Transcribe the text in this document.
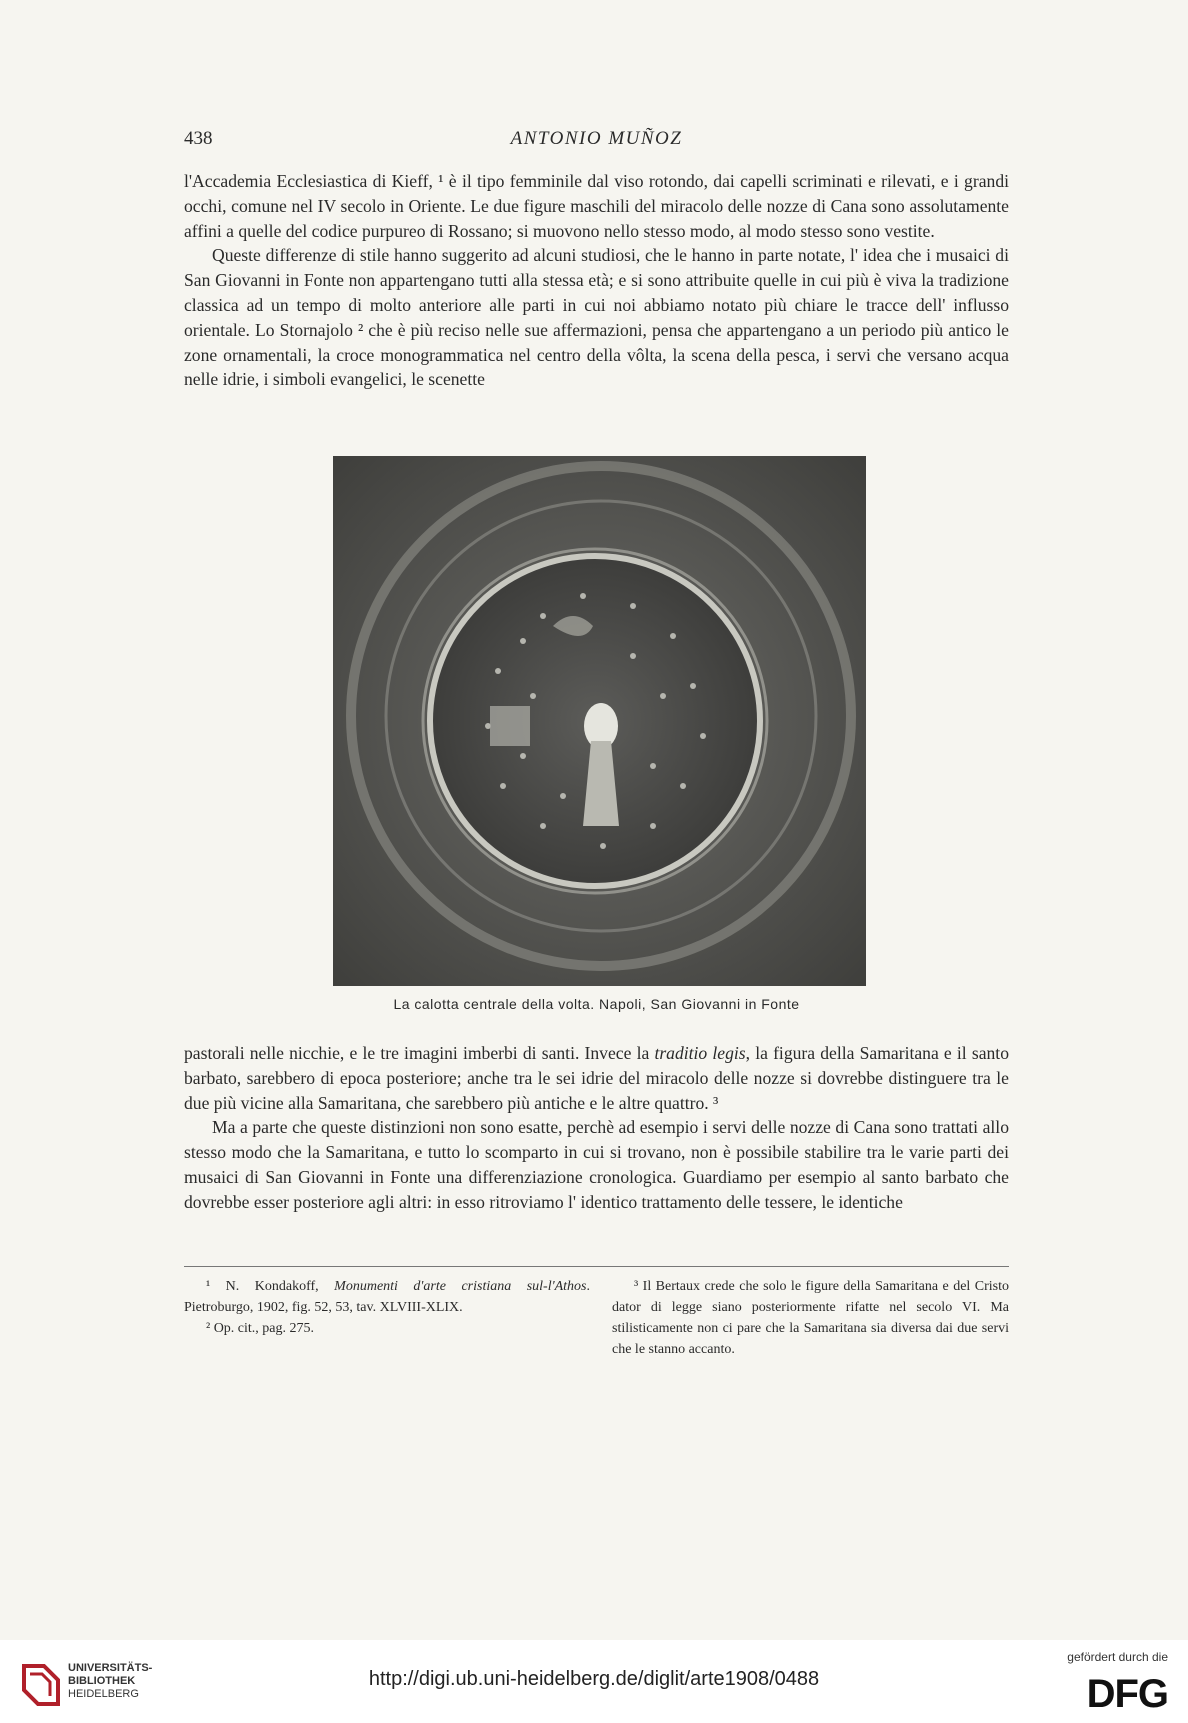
438	ANTONIO MUÑOZ

l'Accademia Ecclesiastica di Kieff, ¹ è il tipo femminile dal viso rotondo, dai capelli scriminati e rilevati, e i grandi occhi, comune nel IV secolo in Oriente. Le due figure maschili del miracolo delle nozze di Cana sono assolutamente affini a quelle del codice purpureo di Rossano; si muovono nello stesso modo, al modo stesso sono vestite.

Queste differenze di stile hanno suggerito ad alcuni studiosi, che le hanno in parte notate, l' idea che i musaici di San Giovanni in Fonte non appartengano tutti alla stessa età; e si sono attribuite quelle in cui più è viva la tradizione classica ad un tempo di molto anteriore alle parti in cui noi abbiamo notato più chiare le tracce dell' influsso orientale. Lo Stornajolo ² che è più reciso nelle sue affermazioni, pensa che appartengano a un periodo più antico le zone ornamentali, la croce monogrammatica nel centro della vôlta, la scena della pesca, i servi che versano acqua nelle idrie, i simboli evangelici, le scenette

La calotta centrale della volta. Napoli, San Giovanni in Fonte

pastorali nelle nicchie, e le tre imagini imberbi di santi. Invece la traditio legis, la figura della Samaritana e il santo barbato, sarebbero di epoca posteriore; anche tra le sei idrie del miracolo delle nozze si dovrebbe distinguere tra le due più vicine alla Samaritana, che sarebbero più antiche e le altre quattro. ³

Ma a parte che queste distinzioni non sono esatte, perchè ad esempio i servi delle nozze di Cana sono trattati allo stesso modo che la Samaritana, e tutto lo scomparto in cui si trovano, non è possibile stabilire tra le varie parti dei musaici di San Giovanni in Fonte una differenziazione cronologica. Guardiamo per esempio al santo barbato che dovrebbe esser posteriore agli altri: in esso ritroviamo l' identico trattamento delle tessere, le identiche

¹ N. Kondakoff, Monumenti d'arte cristiana sul-l'Athos. Pietroburgo, 1902, fig. 52, 53, tav. XLVIII-XLIX.

² Op. cit., pag. 275.

³ Il Bertaux crede che solo le figure della Samaritana e del Cristo dator di legge siano posteriormente rifatte nel secolo VI. Ma stilisticamente non ci pare che la Samaritana sia diversa dai due servi che le stanno accanto.

UNIVERSITÄTS-
BIBLIOTHEK
HEIDELBERG
http://digi.ub.uni-heidelberg.de/diglit/arte1908/0488
gefördert durch die
DFG
